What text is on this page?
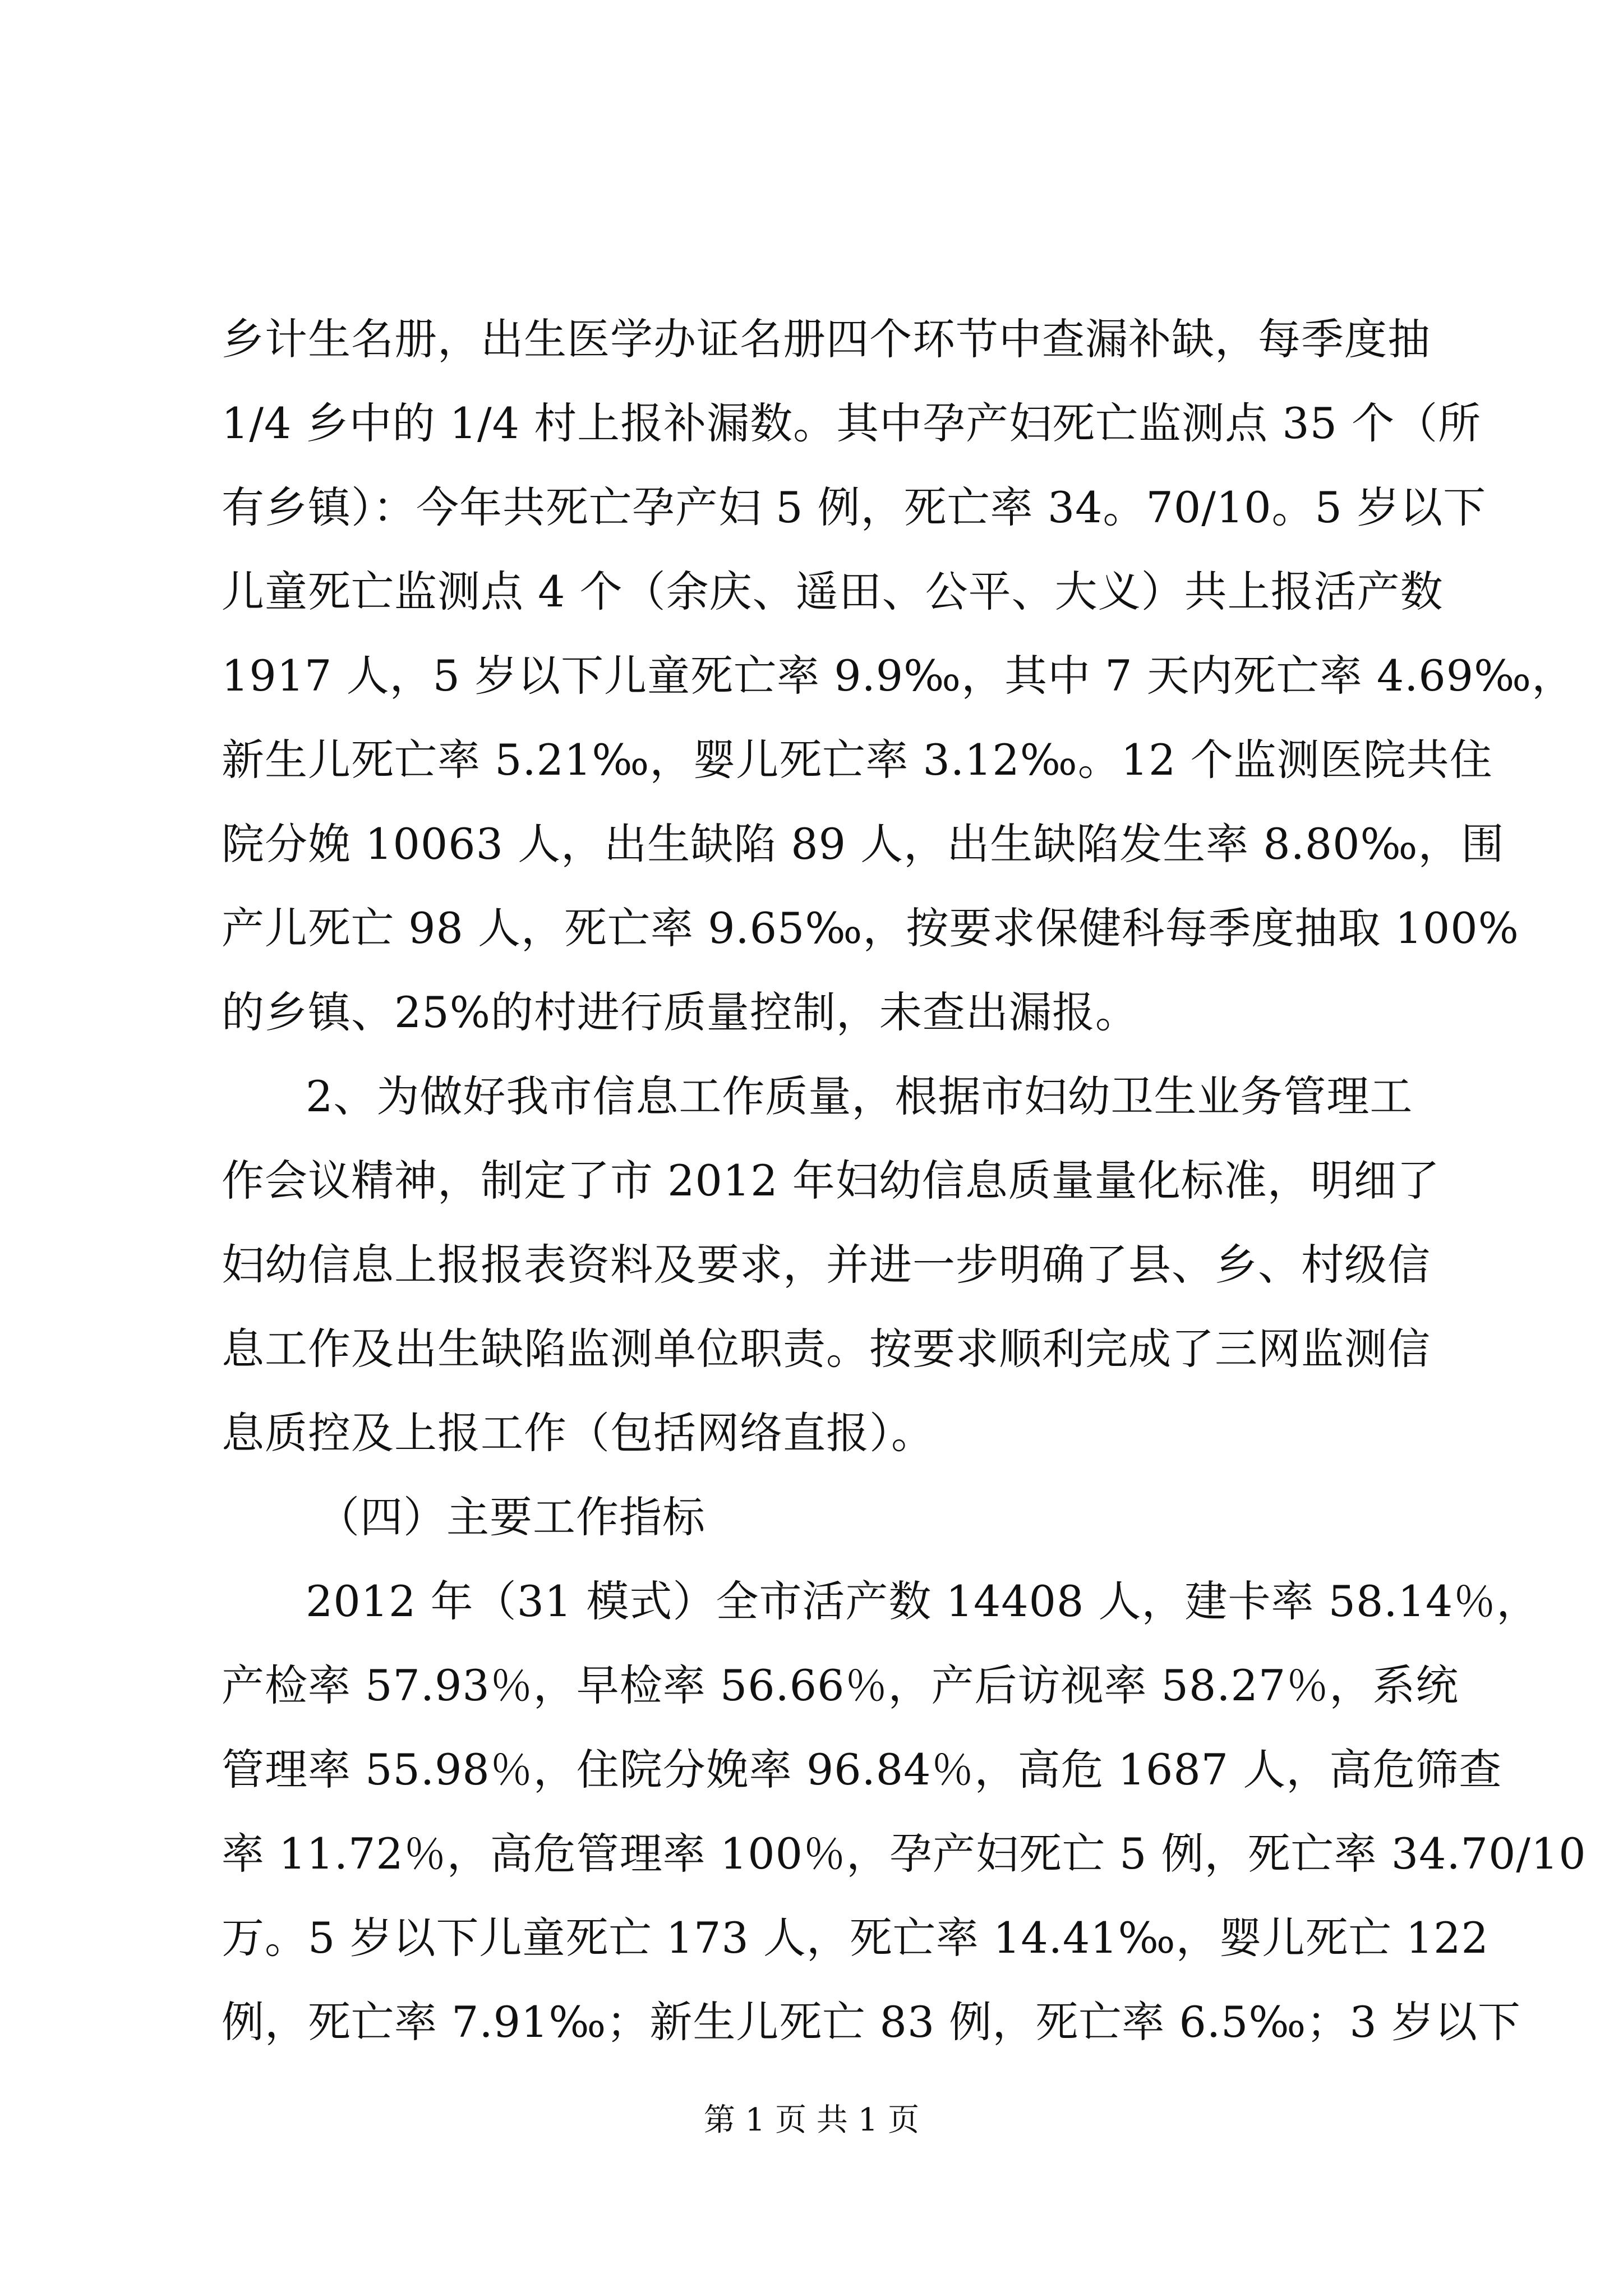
乡计生名册，出生医学办证名册四个环节中查漏补缺，每季度抽
1/4 乡中的 1/4 村上报补漏数。其中孕产妇死亡监测点 35 个（所
有乡镇）：今年共死亡孕产妇 5 例，死亡率 34。70/10。5 岁以下
儿童死亡监测点 4 个（余庆、遥田、公平、大义）共上报活产数
1917 人，5 岁以下儿童死亡率 9.9‰，其中 7 天内死亡率 4.69‰，
新生儿死亡率 5.21‰，婴儿死亡率 3.12‰。12 个监测医院共住
院分娩 10063 人，出生缺陷 89 人，出生缺陷发生率 8.80‰，围
产儿死亡 98 人，死亡率 9.65‰，按要求保健科每季度抽取 100%
的乡镇、25%的村进行质量控制，未查出漏报。
2、为做好我市信息工作质量，根据市妇幼卫生业务管理工
作会议精神，制定了市 2012 年妇幼信息质量量化标准，明细了
妇幼信息上报报表资料及要求，并进一步明确了县、乡、村级信
息工作及出生缺陷监测单位职责。按要求顺利完成了三网监测信
息质控及上报工作（包括网络直报）。
（四）主要工作指标
2012 年（31 模式）全市活产数 14408 人，建卡率 58.14％，
产检率 57.93％，早检率 56.66％，产后访视率 58.27％，系统
管理率 55.98％，住院分娩率 96.84％，高危 1687 人，高危筛查
率 11.72％，高危管理率 100％，孕产妇死亡 5 例，死亡率 34.70/10
万。5 岁以下儿童死亡 173 人，死亡率 14.41‰，婴儿死亡 122
例，死亡率 7.91‰；新生儿死亡 83 例，死亡率 6.5‰；3 岁以下
第 1 页 共 1 页
